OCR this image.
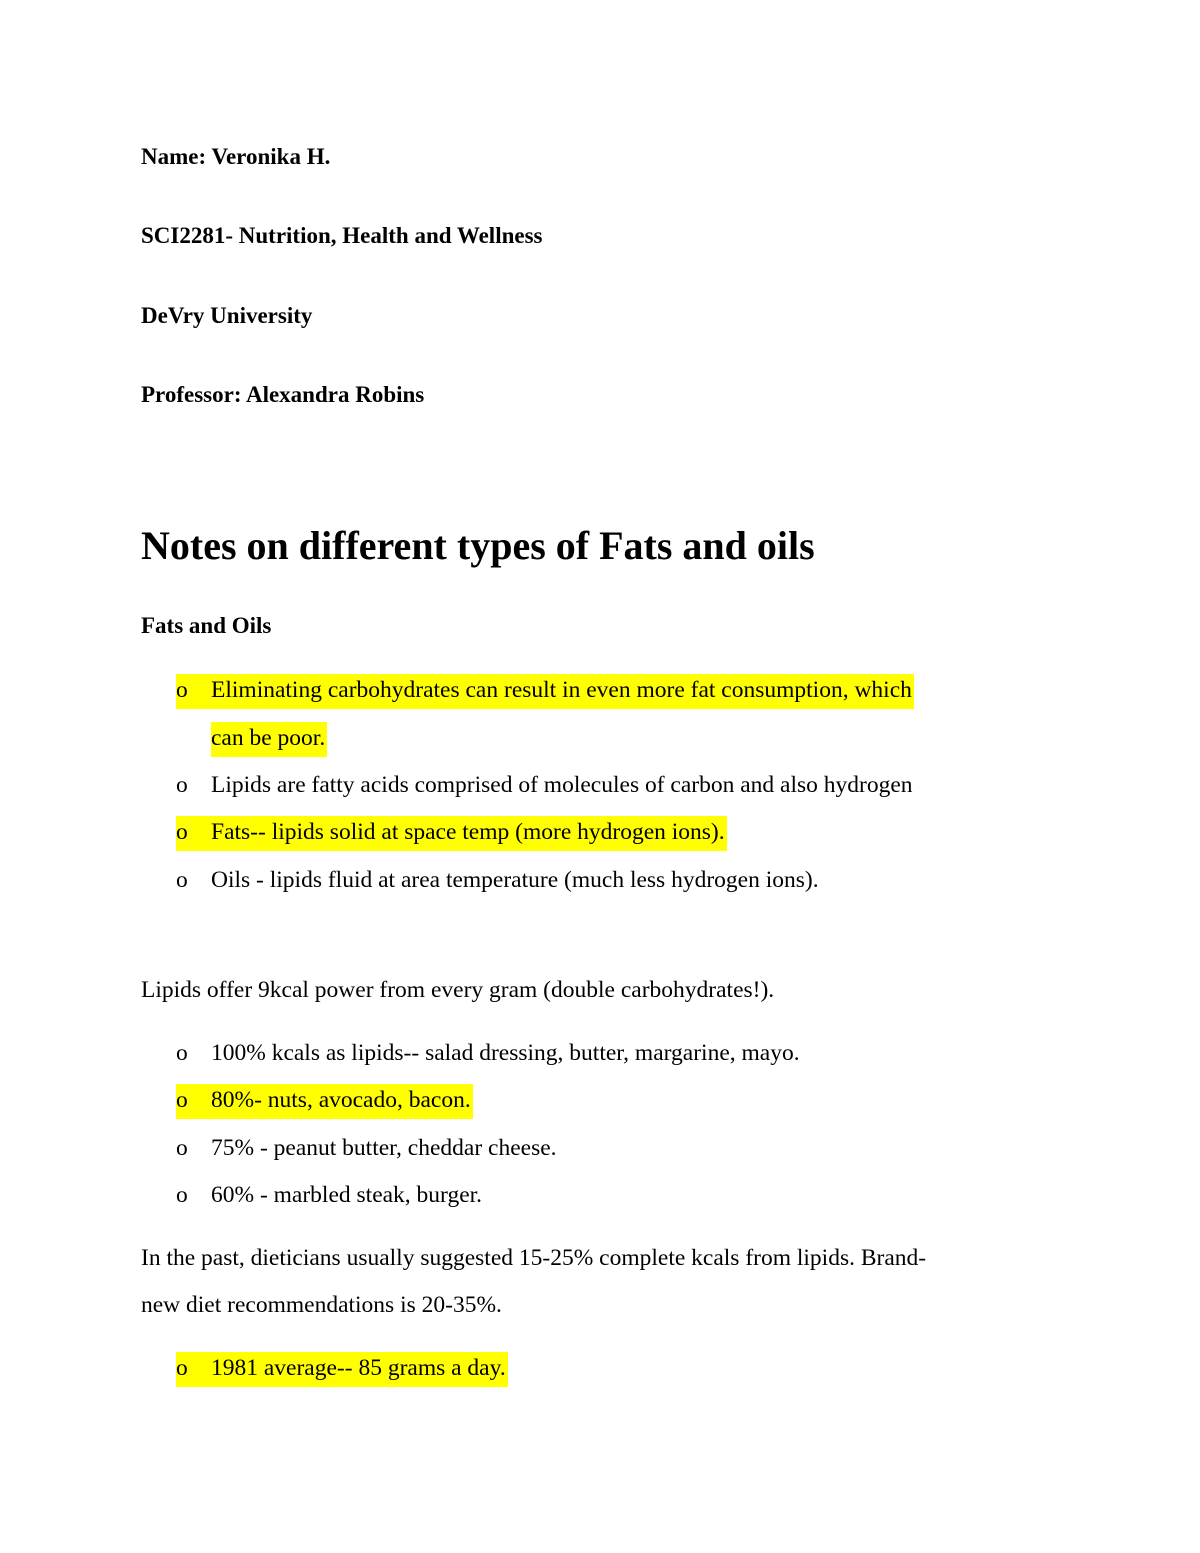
Name: Veronika H.
SCI2281- Nutrition, Health and Wellness
DeVry University
Professor: Alexandra Robins
Notes on different types of Fats and oils
Fats and Oils
o Eliminating carbohydrates can result in even more fat consumption, which
can be poor.
o Lipids are fatty acids comprised of molecules of carbon and also hydrogen
o Fats-- lipids solid at space temp (more hydrogen ions).
o Oils - lipids fluid at area temperature (much less hydrogen ions).
Lipids offer 9kcal power from every gram (double carbohydrates!).
o 100% kcals as lipids-- salad dressing, butter, margarine, mayo.
o 80%- nuts, avocado, bacon.
o 75% - peanut butter, cheddar cheese.
o 60% - marbled steak, burger.
In the past, dieticians usually suggested 15-25% complete kcals from lipids. Brand-
new diet recommendations is 20-35%.
o 1981 average-- 85 grams a day.
